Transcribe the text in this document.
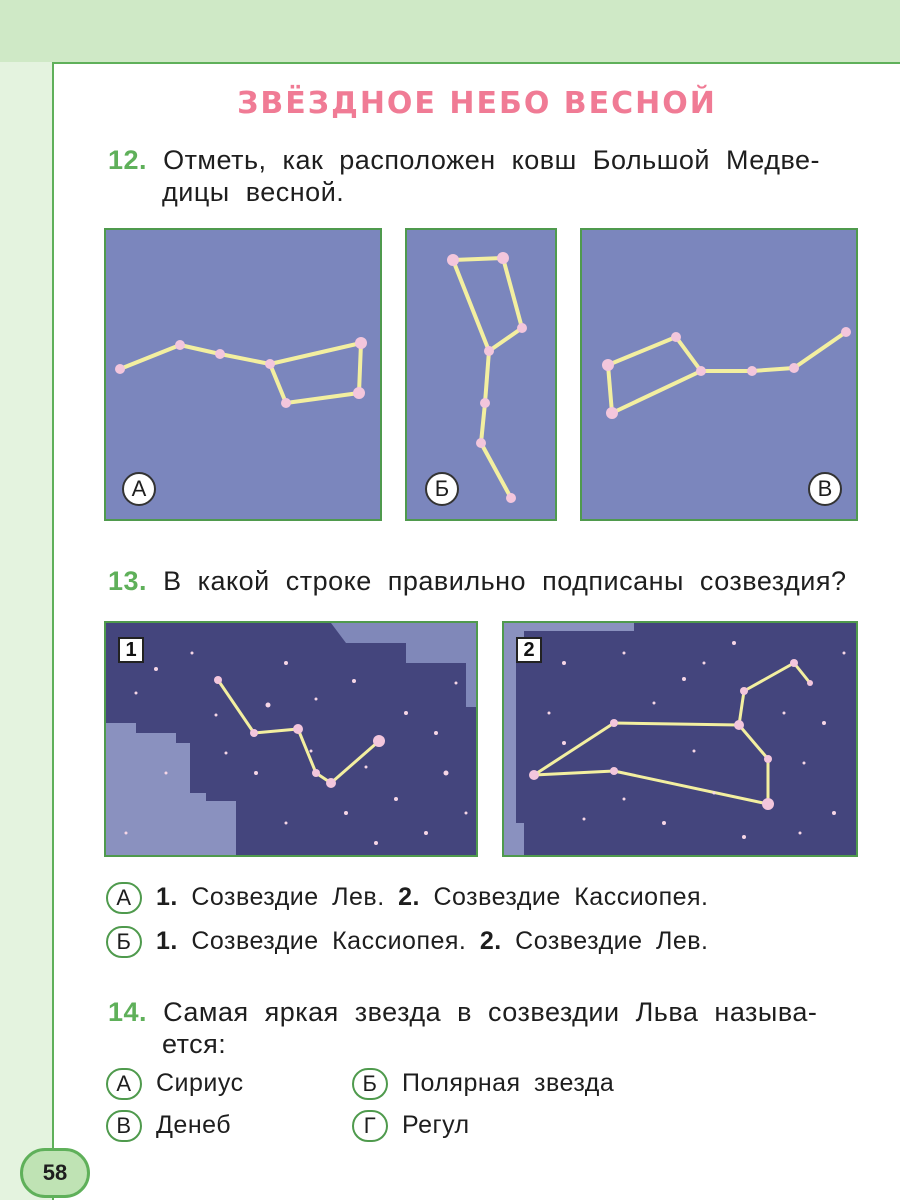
ЗВЁЗДНОЕ НЕБО ВЕСНОЙ
12. Отметь, как расположен ковш Большой Медве-
дицы весной.
А	Б	В
13. В какой строке правильно подписаны созвездия?
1	2
А 1. Созвездие Лев. 2. Созвездие Кассиопея.
Б 1. Созвездие Кассиопея. 2. Созвездие Лев.
14. Самая яркая звезда в созвездии Льва называ-
ется:
А Сириус	Б Полярная звезда
В Денеб	Г Регул
58
